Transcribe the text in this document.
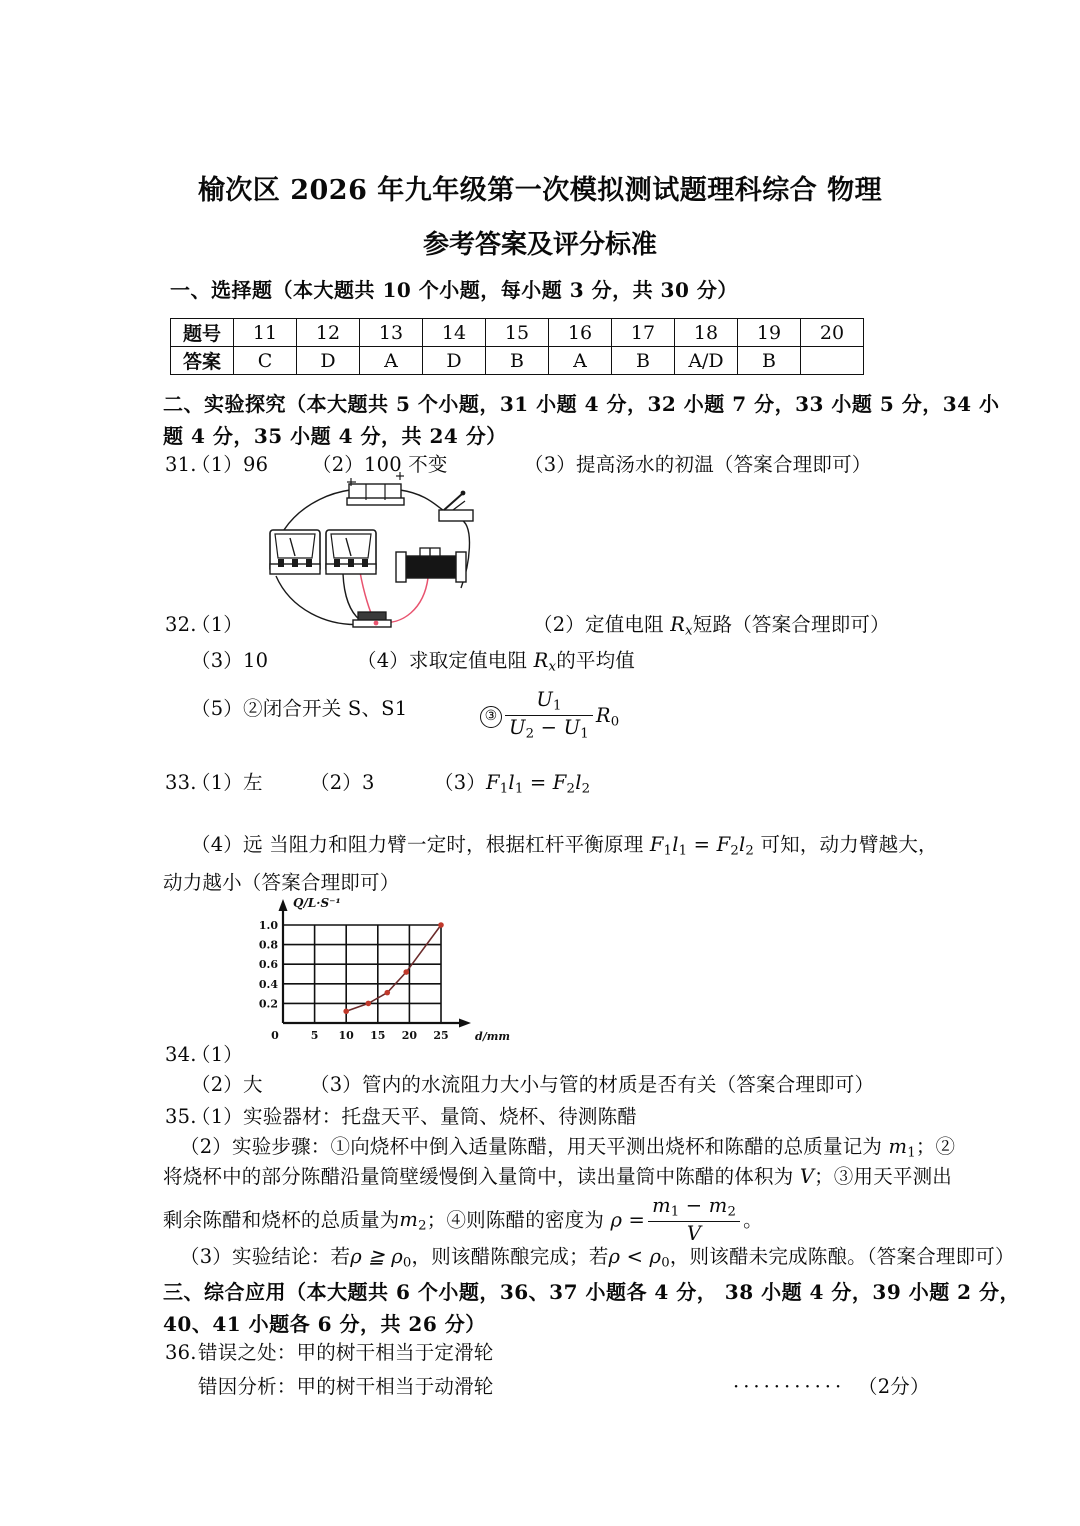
榆次区 2026 年九年级第一次模拟测试题理科综合 物理
参考答案及评分标准
一、选择题（本大题共 10 个小题，每小题 3 分，共 30 分）
题号	11	12	13	14	15	16	17	18	19	20
答案	C	D	A	D	B	A	B	A/D	B	
二、实验探究（本大题共 5 个小题，31 小题 4 分，32 小题 7 分，33 小题 5 分，34 小
题 4 分，35 小题 4 分，共 24 分）
31.
（1）96 （2）100 不变	（3）提高汤水的初温（答案合理即可）
32.
（1）	（2）定值电阻 $R_x$短路（答案合理即可）
（3）10	（4）求取定值电阻 $R_x$的平均值
（5）②闭合开关 S、S1	③ $\frac{U_1}{U_2 - U_1} R_0$
33.
（1）左 （2）3	$(3)F_1l_1 = F_2l_2$
（4）远 当阻力和阻力臂一定时，根据杠杆平衡原理 $F_1l_1 = F_2l_2$ 可知，动力臂越大，
动力越小（答案合理即可）
0.2
0.4
0.6
0.8
1.0
0	5 10 15 20 25
Q/L·S⁻¹
d/mm
34.
（1）
（2）大 （3）管内的水流阻力大小与管的材质是否有关（答案合理即可）
35.
（1）实验器材：托盘天平、量筒、烧杯、待测陈醋
（2）实验步骤：①向烧杯中倒入适量陈醋，用天平测出烧杯和陈醋的总质量记为 $m_1$；②
将烧杯中的部分陈醋沿量筒壁缓慢倒入量筒中，读出量筒中陈醋的体积为 V；③用天平测出
剩余陈醋和烧杯的总质量为$m_2$；④则陈醋的密度为 $\rho = \frac{m_1 - m_2}{V}$ 。
（3）实验结论：若ρ ≧ $\rho_0$，则该醋陈酿完成；若$\rho < \rho_0$，则该醋未完成陈酿。（答案合理即可）
三、综合应用（本大题共 6 个小题，36、37 小题各 4 分， 38 小题 4 分，39 小题 2 分，
40、41 小题各 6 分，共 26 分）
36. 错误之处：甲的树干相当于定滑轮
错因分析：甲的树干相当于动滑轮	··········· （2分）
